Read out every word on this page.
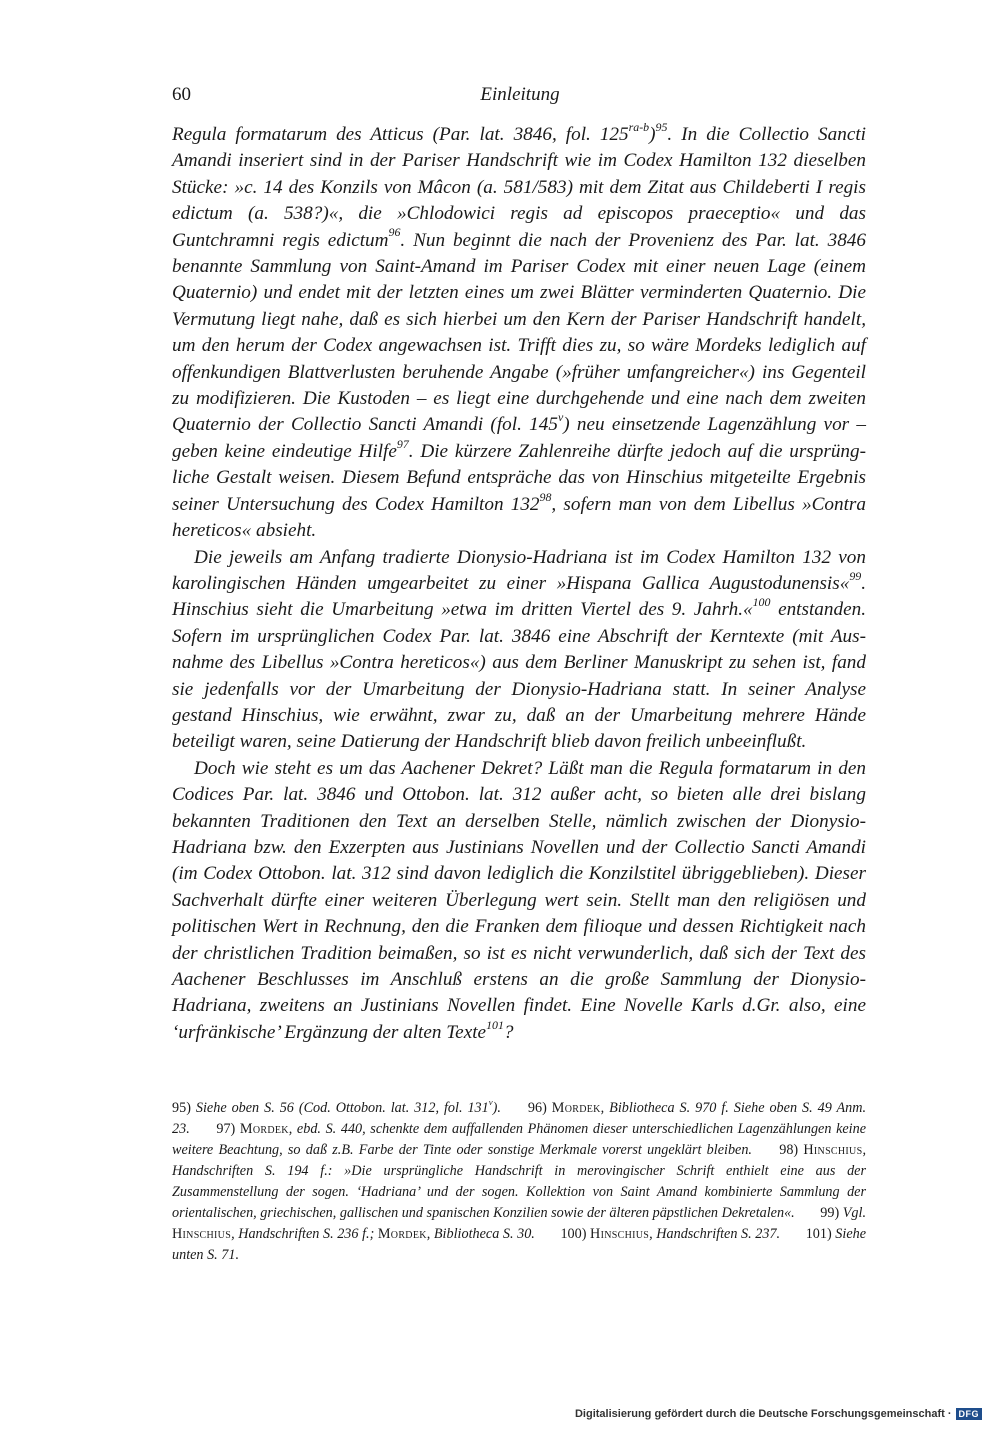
60	Einleitung

Regula formatarum des Atticus (Par. lat. 3846, fol. $125^{ra-b})^{95}$. In die Collectio Sancti Amandi inseriert sind in der Pariser Handschrift wie im Codex Hamilton 132 dieselben Stücke: »c. 14 des Konzils von Mâcon (a. 581/583) mit dem Zitat aus Childeberti I regis edictum (a. 538?)«, die »Chlodowici regis ad episcopos praeceptio« und das Guntchramni regis edictum$^{96}$. Nun beginnt die nach der Provenienz des Par. lat. 3846 benannte Sammlung von Saint-Amand im Pariser Codex mit einer neuen Lage (einem Quaternio) und endet mit der letzten eines um zwei Blätter verminderten Quaternio. Die Vermutung liegt nahe, daß es sich hierbei um den Kern der Pariser Handschrift handelt, um den herum der Codex angewachsen ist. Trifft dies zu, so wäre Mordeks lediglich auf offenkundigen Blattverlusten beruhende Angabe (»früher umfangreicher«) ins Gegenteil zu modifizieren. Die Kustoden – es liegt eine durchgehende und eine nach dem zweiten Quaternio der Collectio Sancti Amandi (fol. 145$^v$) neu einsetzende Lagenzählung vor – geben keine eindeutige Hilfe$^{97}$. Die kürzere Zahlenreihe dürfte jedoch auf die ursprüngliche Gestalt weisen. Diesem Befund entspräche das von Hinschius mitgeteilte Ergebnis seiner Untersuchung des Codex Hamilton $132^{98}$, sofern man von dem Libellus »Contra hereticos« absieht.

Die jeweils am Anfang tradierte Dionysio-Hadriana ist im Codex Hamilton 132 von karolingischen Händen umgearbeitet zu einer »Hispana Gallica Augustodunensis«$^{99}$. Hinschius sieht die Umarbeitung »etwa im dritten Viertel des 9. Jahrh.«$^{100}$ entstanden. Sofern im ursprünglichen Codex Par. lat. 3846 eine Abschrift der Kerntexte (mit Ausnahme des Libellus »Contra hereticos«) aus dem Berliner Manuskript zu sehen ist, fand sie jedenfalls vor der Umarbeitung der Dionysio-Hadriana statt. In seiner Analyse gestand Hinschius, wie erwähnt, zwar zu, daß an der Umarbeitung mehrere Hände beteiligt waren, seine Datierung der Handschrift blieb davon freilich unbeeinflußt.

Doch wie steht es um das Aachener Dekret? Läßt man die Regula formatarum in den Codices Par. lat. 3846 und Ottobon. lat. 312 außer acht, so bieten alle drei bislang bekannten Traditionen den Text an derselben Stelle, nämlich zwischen der Dionysio-Hadriana bzw. den Exzerpten aus Justinians Novellen und der Collectio Sancti Amandi (im Codex Ottobon. lat. 312 sind davon lediglich die Konzilstitel übriggeblieben). Dieser Sachverhalt dürfte einer weiteren Überlegung wert sein. Stellt man den religiösen und politischen Wert in Rechnung, den die Franken dem filioque und dessen Richtigkeit nach der christlichen Tradition beimaßen, so ist es nicht verwunderlich, daß sich der Text des Aachener Beschlusses im Anschluß erstens an die große Sammlung der Dionysio-Hadriana, zweitens an Justinians Novellen findet. Eine Novelle Karls d.Gr. also, eine ‘urfränkische’ Ergänzung der alten Texte$^{101}$?

95) Siehe oben S. 56 (Cod. Ottobon. lat. 312, fol. 131$^v$). 96) Mordek, Bibliotheca S. 970 f. Siehe oben S. 49 Anm. 23. 97) Mordek, ebd. S. 440, schenkte dem auffallenden Phänomen dieser unterschiedlichen Lagenzählungen keine weitere Beachtung, so daß z.B. Farbe der Tinte oder sonstige Merkmale vorerst ungeklärt bleiben. 98) Hinschius, Handschriften S. 194 f.: »Die ursprüngliche Handschrift in merovingischer Schrift enthielt eine aus der Zusammenstellung der sogen. ‘Hadriana’ und der sogen. Kollektion von Saint Amand kombinierte Sammlung der orientalischen, griechischen, gallischen und spanischen Konzilien sowie der älteren päpstlichen Dekretalen«. 99) Vgl. Hinschius, Handschriften S. 236 f.; Mordek, Bibliotheca S. 30. 100) Hinschius, Handschriften S. 237. 101) Siehe unten S. 71.

Digitalisierung gefördert durch die Deutsche Forschungsgemeinschaft · DFG
